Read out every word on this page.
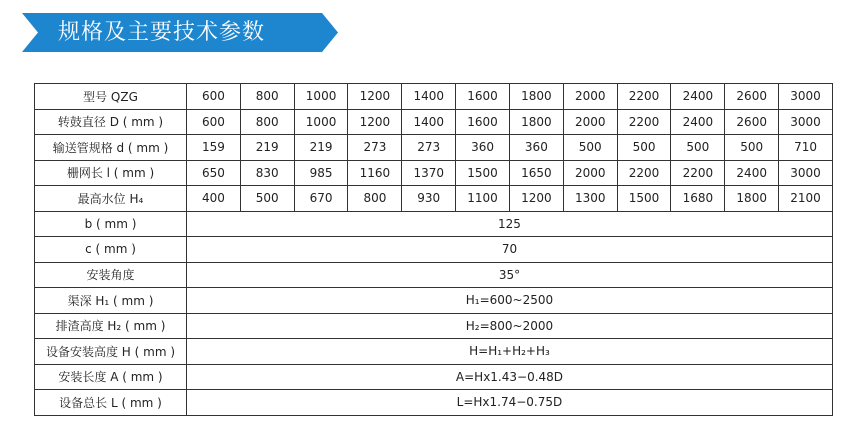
规格及主要技术参数
型号 QZG	600	800	1000	1200	1400	1600	1800	2000	2200	2400	2600	3000
转鼓直径 D ( mm )	600	800	1000	1200	1400	1600	1800	2000	2200	2400	2600	3000
输送管规格 d ( mm )	159	219	219	273	273	360	360	500	500	500	500	710
栅网长 l ( mm )	650	830	985	1160	1370	1500	1650	2000	2200	2200	2400	3000
最高水位 H₄	400	500	670	800	930	1100	1200	1300	1500	1680	1800	2100
b ( mm )	125											
c ( mm )	70											
安装角度	35°											
渠深 H₁ ( mm )	H₁=600~2500											
排渣高度 H₂ ( mm )	H₂=800~2000											
设备安装高度 H ( mm )	H=H₁+H₂+H₃											
安装长度 A ( mm )	A=Hx1.43−0.48D											
设备总长 L ( mm )	L=Hx1.74−0.75D											
